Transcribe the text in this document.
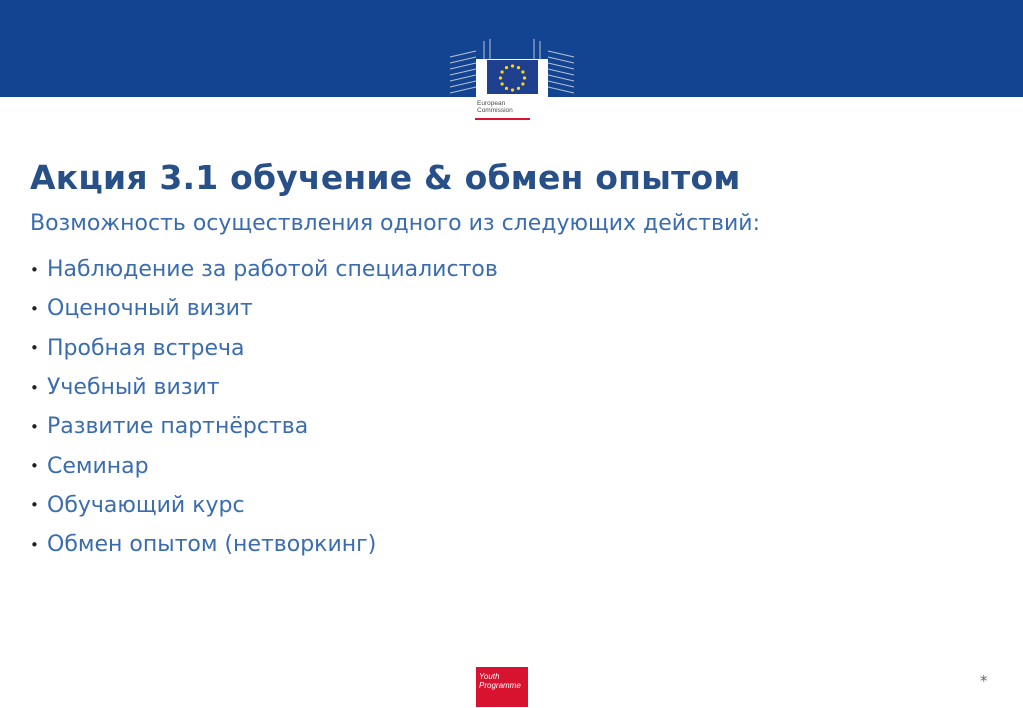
European
Commission
Акция 3.1 обучение & обмен опытом

Возможность осуществления одного из следующих действий:

• Наблюдение за работой специалистов
• Оценочный визит
• Пробная встреча
• Учебный визит
• Развитие партнёрства
• Семинар
• Обучающий курс
• Обмен опытом (нетворкинг)
Youth
Programme	*
